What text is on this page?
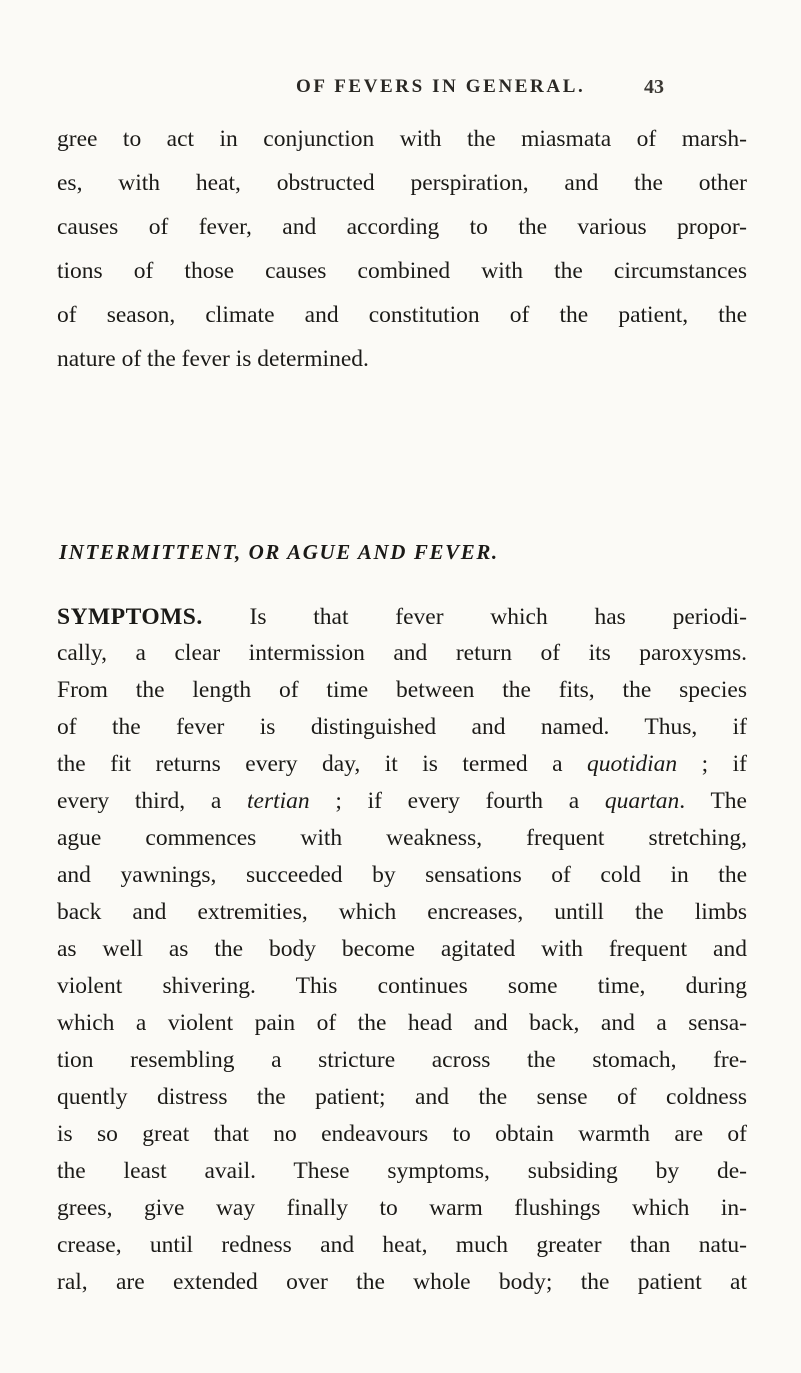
OF FEVERS IN GENERAL.	43
gree to act in conjunction with the miasmata of marsh-
es, with heat, obstructed perspiration, and the other
causes of fever, and according to the various propor-
tions of those causes combined with the circumstances
of season, climate and constitution of the patient, the
nature of the fever is determined.
INTERMITTENT, OR AGUE AND FEVER.
SYMPTOMS. Is that fever which has periodi-
cally, a clear intermission and return of its paroxysms.
From the length of time between the fits, the species
of the fever is distinguished and named. Thus, if
the fit returns every day, it is termed a quotidian ; if
every third, a tertian ; if every fourth a quartan. The
ague commences with weakness, frequent stretching,
and yawnings, succeeded by sensations of cold in the
back and extremities, which encreases, untill the limbs
as well as the body become agitated with frequent and
violent shivering. This continues some time, during
which a violent pain of the head and back, and a sensa-
tion resembling a stricture across the stomach, fre-
quently distress the patient; and the sense of coldness
is so great that no endeavours to obtain warmth are of
the least avail. These symptoms, subsiding by de-
grees, give way finally to warm flushings which in-
crease, until redness and heat, much greater than natu-
ral, are extended over the whole body; the patient at
